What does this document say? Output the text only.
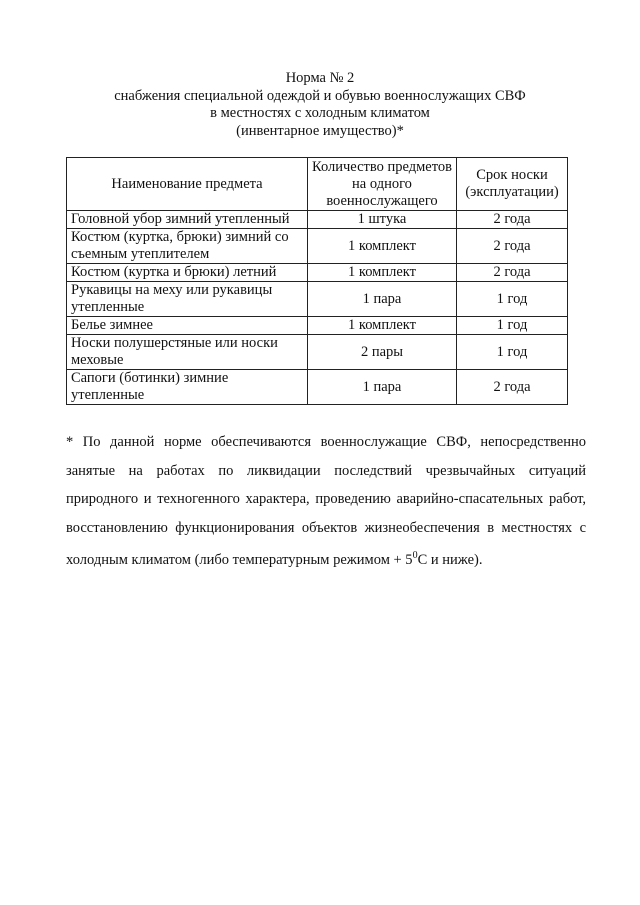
Норма № 2
снабжения специальной одеждой и обувью военнослужащих СВФ
в местностях с холодным климатом
(инвентарное имущество)*
Наименование предмета	Количество предметов на одного военнослужащего	Срок носки (эксплуатации)
Головной убор зимний утепленный	1 штука	2 года
Костюм (куртка, брюки) зимний со съемным утеплителем	1 комплект	2 года
Костюм (куртка и брюки) летний	1 комплект	2 года
Рукавицы на меху или рукавицы утепленные	1 пара	1 год
Белье зимнее	1 комплект	1 год
Носки полушерстяные или носки меховые	2 пары	1 год
Сапоги (ботинки) зимние утепленные	1 пара	2 года
* По данной норме обеспечиваются военнослужащие СВФ, непосредственно занятые на работах по ликвидации последствий чрезвычайных ситуаций природного и техногенного характера, проведению аварийно-спасательных работ, восстановлению функционирования объектов жизнеобеспечения в местностях с холодным климатом (либо температурным режимом + $5^0С$ и ниже).
